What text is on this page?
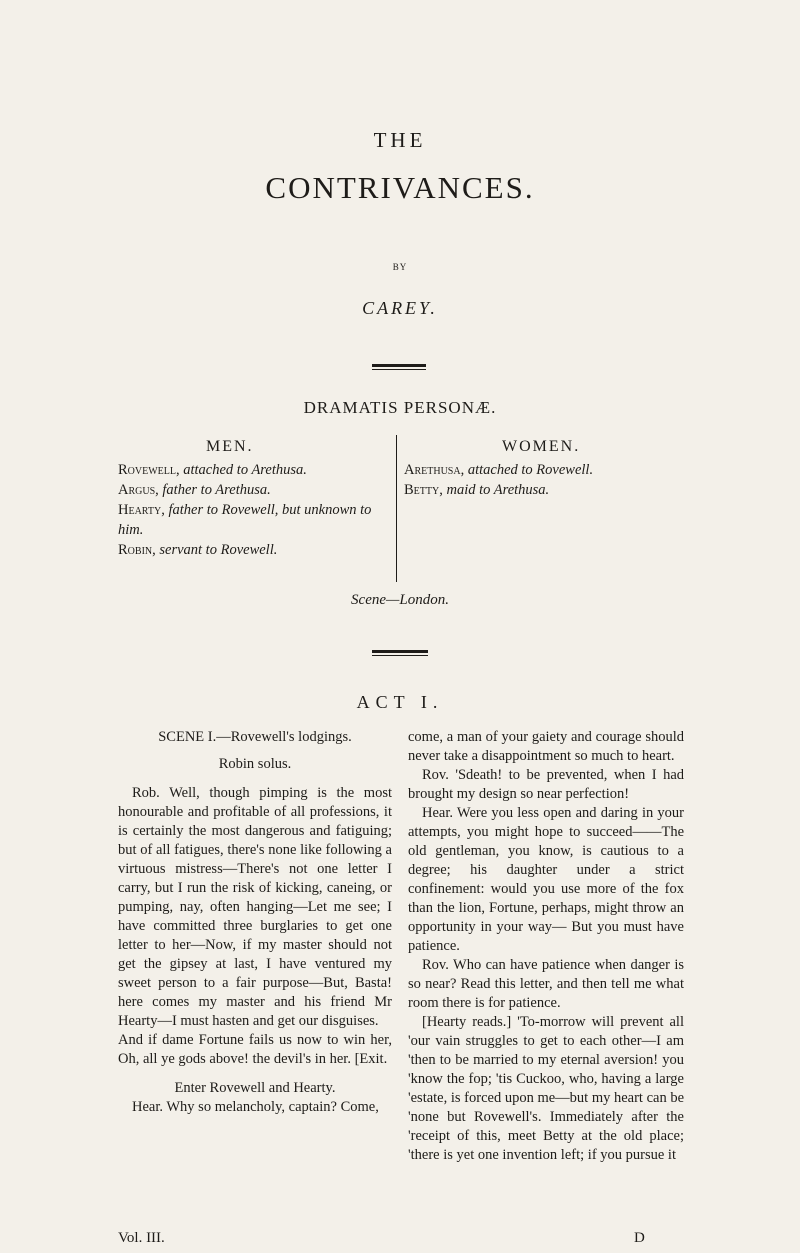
THE
CONTRIVANCES.
BY
CAREY.
DRAMATIS PERSONÆ.
MEN.	WOMEN.
Rovewell, attached to Arethusa.
Argus, father to Arethusa.
Hearty, father to Rovewell, but unknown to him.
Robin, servant to Rovewell.
Arethusa, attached to Rovewell.
Betty, maid to Arethusa.
Scene—London.
ACT I.

SCENE I.—Rovewell's lodgings.

Robin solus.

Rob. Well, though pimping is the most honourable and profitable of all professions, it is certainly the most dangerous and fatiguing; but of all fatigues, there's none like following a virtuous mistress—There's not one letter I carry, but I run the risk of kicking, caneing, or pumping, nay, often hanging—Let me see; I have committed three burglaries to get one letter to her—Now, if my master should not get the gipsey at last, I have ventured my sweet person to a fair purpose—But, Basta! here comes my master and his friend Mr Hearty—I must hasten and get our disguises.

And if dame Fortune fails us now to win her, Oh, all ye gods above! the devil's in her. [Exit.

Enter Rovewell and Hearty.

Hear. Why so melancholy, captain? Come,

come, a man of your gaiety and courage should never take a disappointment so much to heart.

Rov. 'Sdeath! to be prevented, when I had brought my design so near perfection!

Hear. Were you less open and daring in your attempts, you might hope to succeed——The old gentleman, you know, is cautious to a degree; his daughter under a strict confinement: would you use more of the fox than the lion, Fortune, perhaps, might throw an opportunity in your way— But you must have patience.

Rov. Who can have patience when danger is so near? Read this letter, and then tell me what room there is for patience.

[Hearty reads.] 'To-morrow will prevent all 'our vain struggles to get to each other—I am 'then to be married to my eternal aversion! you 'know the fop; 'tis Cuckoo, who, having a large 'estate, is forced upon me—but my heart can be 'none but Rovewell's. Immediately after the 'receipt of this, meet Betty at the old place; 'there is yet one invention left; if you pursue it

Vol. III.	D
